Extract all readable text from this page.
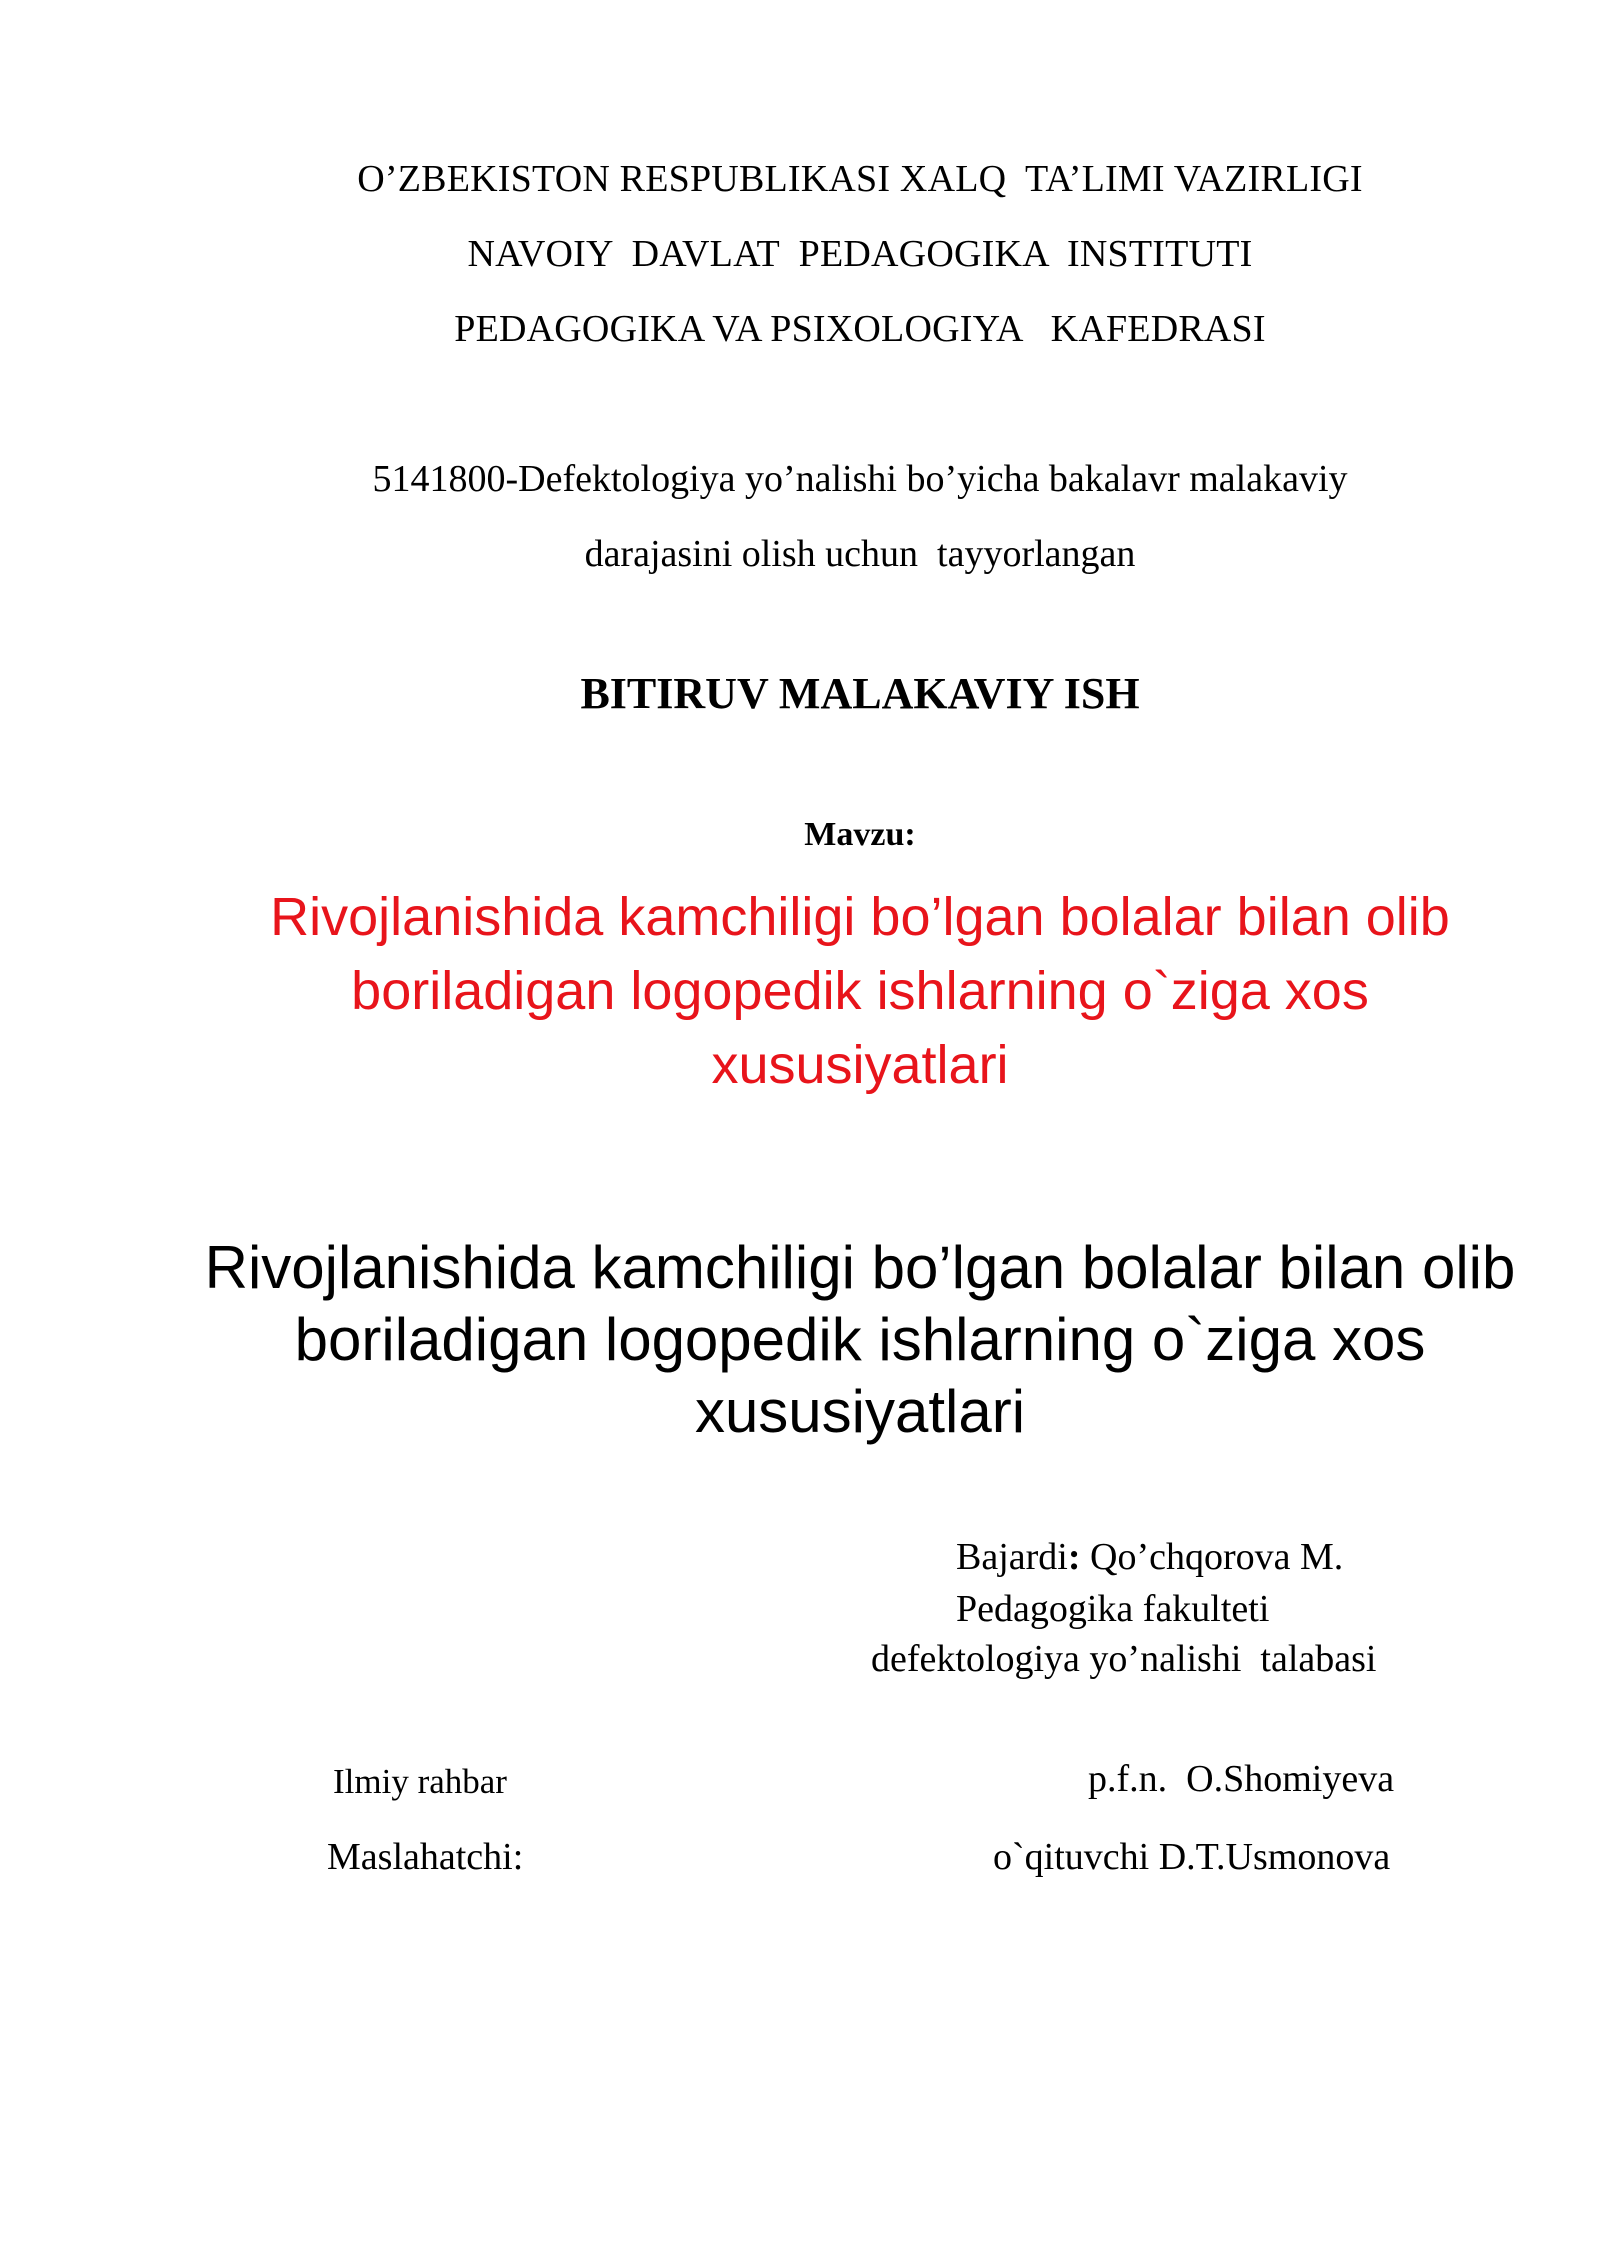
O’ZBEKISTON RESPUBLIKASI XALQ  TA’LIMI VAZIRLIGI
NAVOIY  DAVLAT  PEDAGOGIKA  INSTITUTI
PEDAGOGIKA VA PSIXOLOGIYA   KAFEDRASI
5141800-Defektologiya yo’nalishi bo’yicha bakalavr malakaviy
darajasini olish uchun  tayyorlangan
BITIRUV MALAKAVIY ISH
Mavzu:
Rivojlanishida kamchiligi bo’lgan bolalar bilan olib boriladigan logopedik ishlarning o`ziga xos xususiyatlari
Rivojlanishida kamchiligi bo’lgan bolalar bilan olib boriladigan logopedik ishlarning o`ziga xos xususiyatlari
Bajardi: Qo’chqorova M.
Pedagogika fakulteti
defektologiya yo’nalishi  talabasi
Ilmiy rahbar	p.f.n.  O.Shomiyeva
Maslahatchi:	o`qituvchi D.T.Usmonova
